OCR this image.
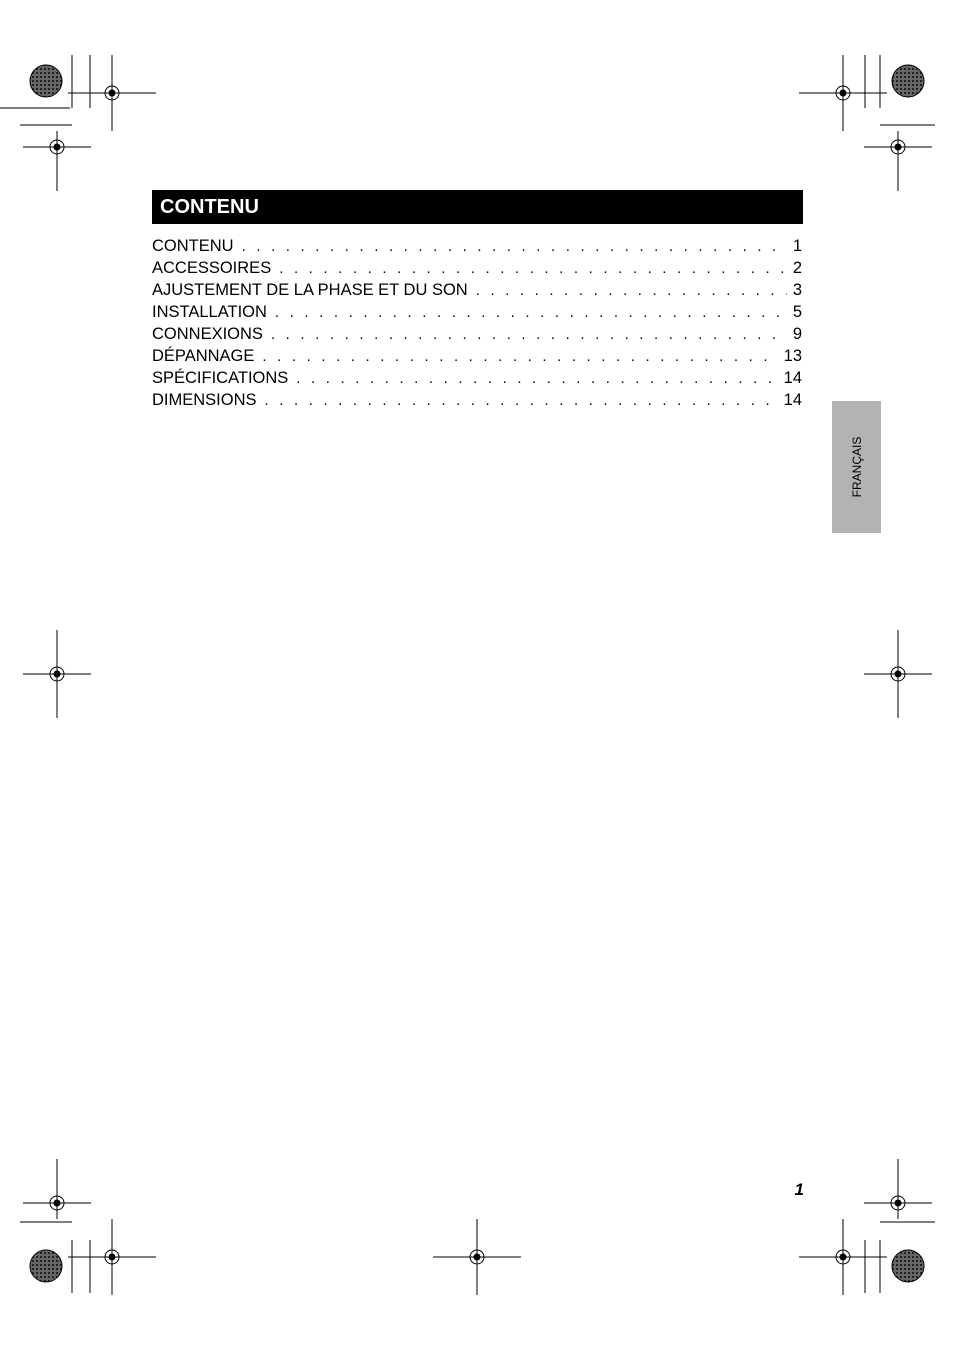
CONTENU
CONTENU . . .	1
ACCESSOIRES . . .	2
AJUSTEMENT DE LA PHASE ET DU SON . . .	3
INSTALLATION . . .	5
CONNEXIONS . . .	9
DÉPANNAGE . . .	13
SPÉCIFICATIONS . . .	14
DIMENSIONS . . .	14
FRANÇAIS
1
